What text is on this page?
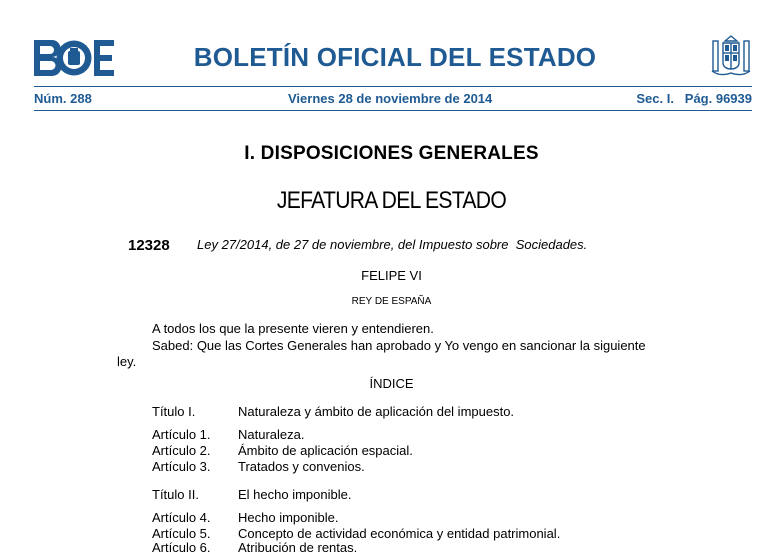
BOLETÍN OFICIAL DEL ESTADO
Núm. 288	Viernes 28 de noviembre de 2014	Sec. I.   Pág. 96939
I. DISPOSICIONES GENERALES
JEFATURA DEL ESTADO
12328 Ley 27/2014, de 27 de noviembre, del Impuesto sobre  Sociedades.
FELIPE VI
REY DE ESPAÑA
A todos los que la presente vieren y entendieren.
Sabed: Que las Cortes Generales han aprobado y Yo vengo en sancionar la siguiente
ley.
ÍNDICE
Título I.	Naturaleza y ámbito de aplicación del impuesto.
Artículo 1. Naturaleza.
Artículo 2. Ámbito de aplicación espacial.
Artículo 3. Tratados y convenios.
Título II.	El hecho imponible.
Artículo 4. Hecho imponible.
Artículo 5. Concepto de actividad económica y entidad patrimonial.
Artículo 6. Atribución de rentas.
